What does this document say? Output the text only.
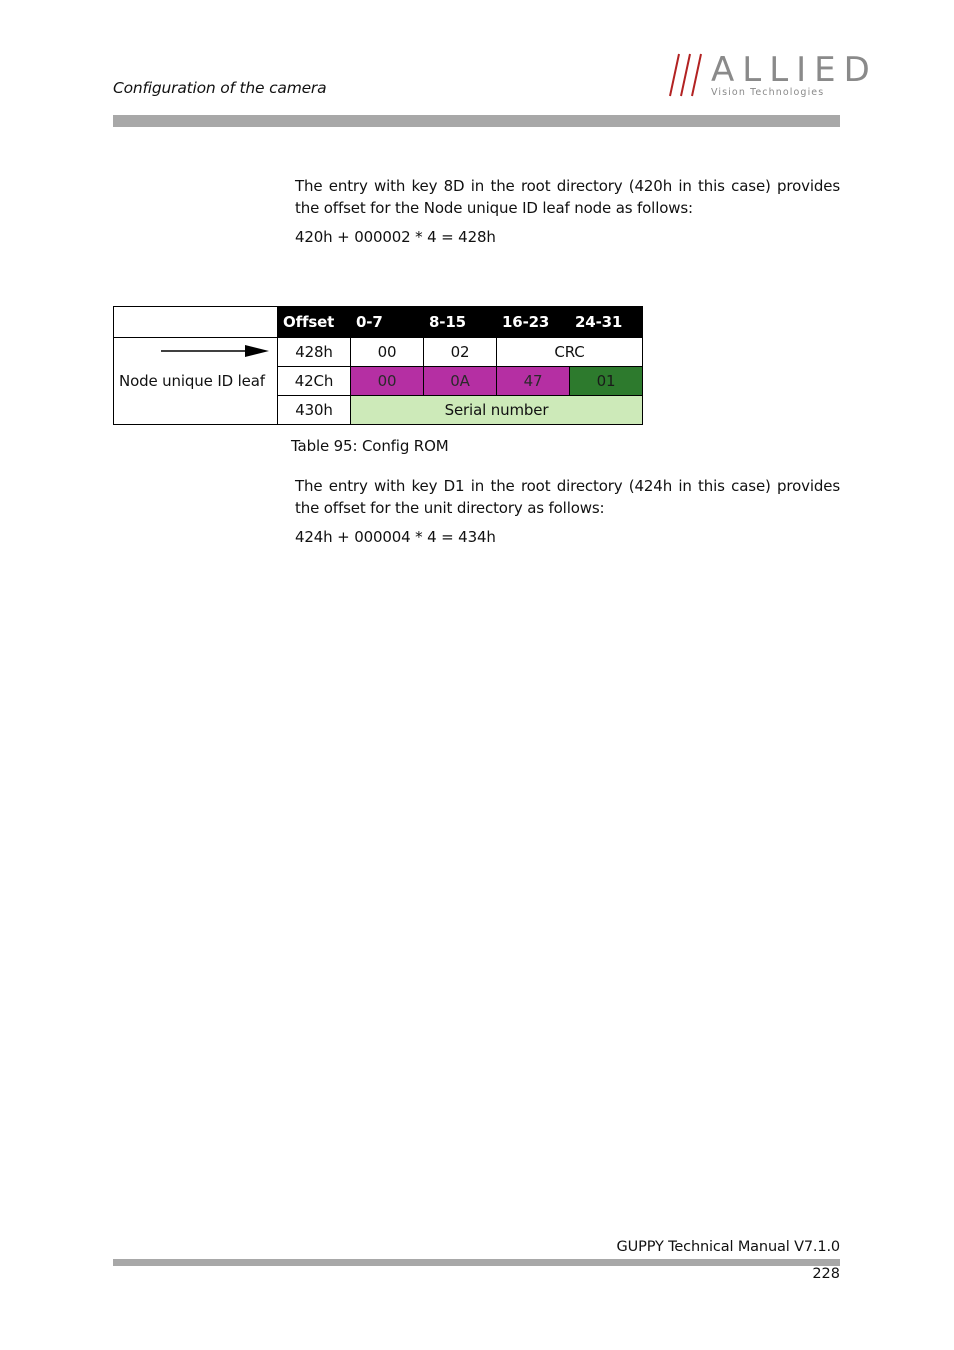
Configuration of the camera	ALLIED
Vision Technologies
The entry with key 8D in the root directory (420h in this case) provides the offset for the Node unique ID leaf node as follows:
420h + 000002 * 4 = 428h
	Offset	0-7	8-15	16-23	24-31

Node unique ID leaf	428h	00	02	CRC	
	42Ch	00	0A	47	01
	430h	Serial number			
Table 95: Config ROM
The entry with key D1 in the root directory (424h in this case) provides the offset for the unit directory as follows:
424h + 000004 * 4 = 434h
GUPPY Technical Manual V7.1.0
228
